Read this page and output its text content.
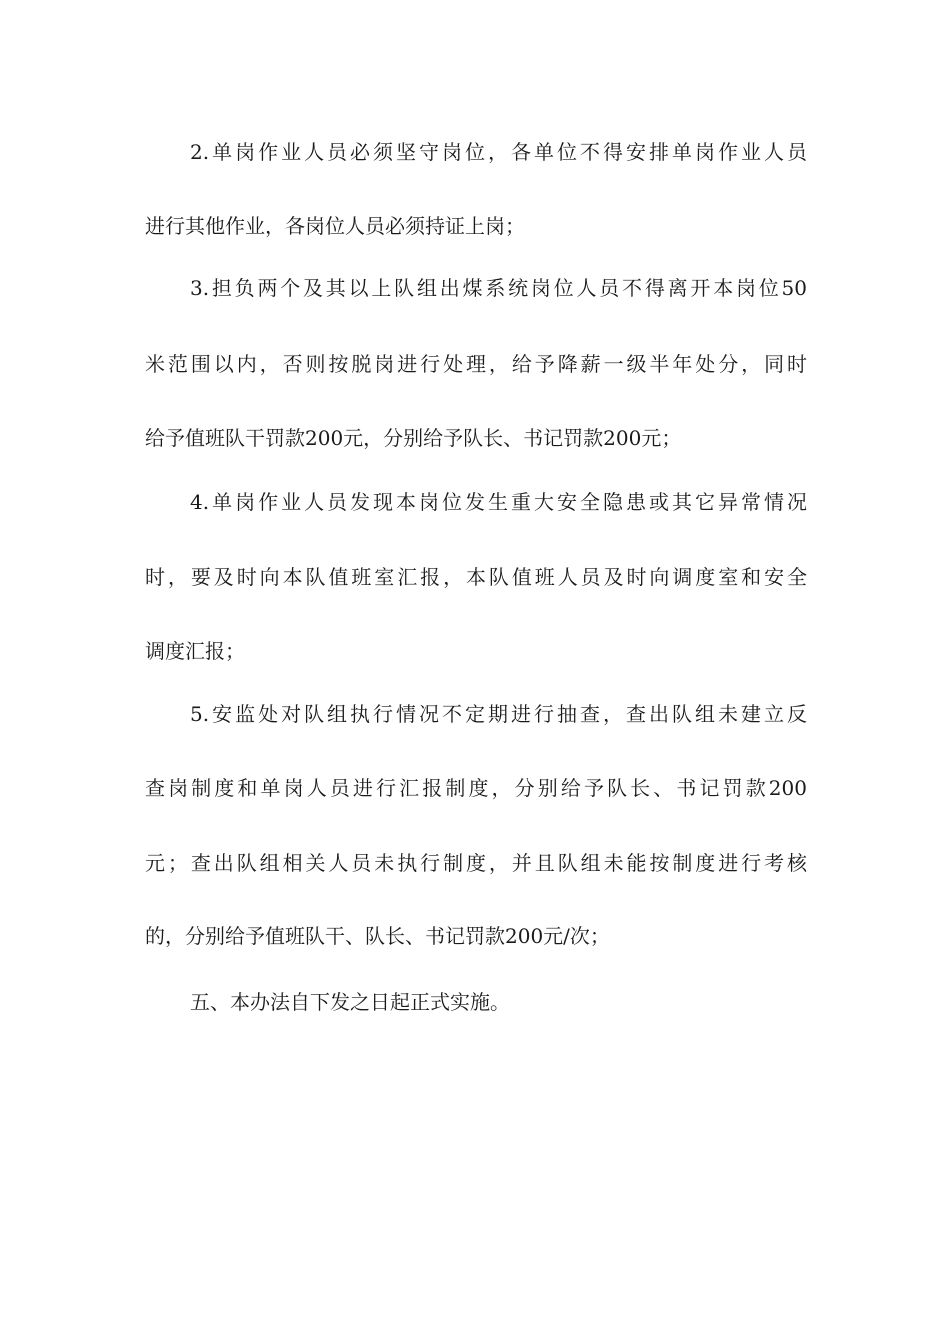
2.单岗作业人员必须坚守岗位，各单位不得安排单岗作业人员
进行其他作业，各岗位人员必须持证上岗；
3.担负两个及其以上队组出煤系统岗位人员不得离开本岗位50
米范围以内，否则按脱岗进行处理，给予降薪一级半年处分，同时
给予值班队干罚款200元，分别给予队长、书记罚款200元；
4.单岗作业人员发现本岗位发生重大安全隐患或其它异常情况
时，要及时向本队值班室汇报，本队值班人员及时向调度室和安全
调度汇报；
5.安监处对队组执行情况不定期进行抽查，查出队组未建立反
查岗制度和单岗人员进行汇报制度，分别给予队长、书记罚款200
元；查出队组相关人员未执行制度，并且队组未能按制度进行考核
的，分别给予值班队干、队长、书记罚款200元/次；
五、本办法自下发之日起正式实施。
